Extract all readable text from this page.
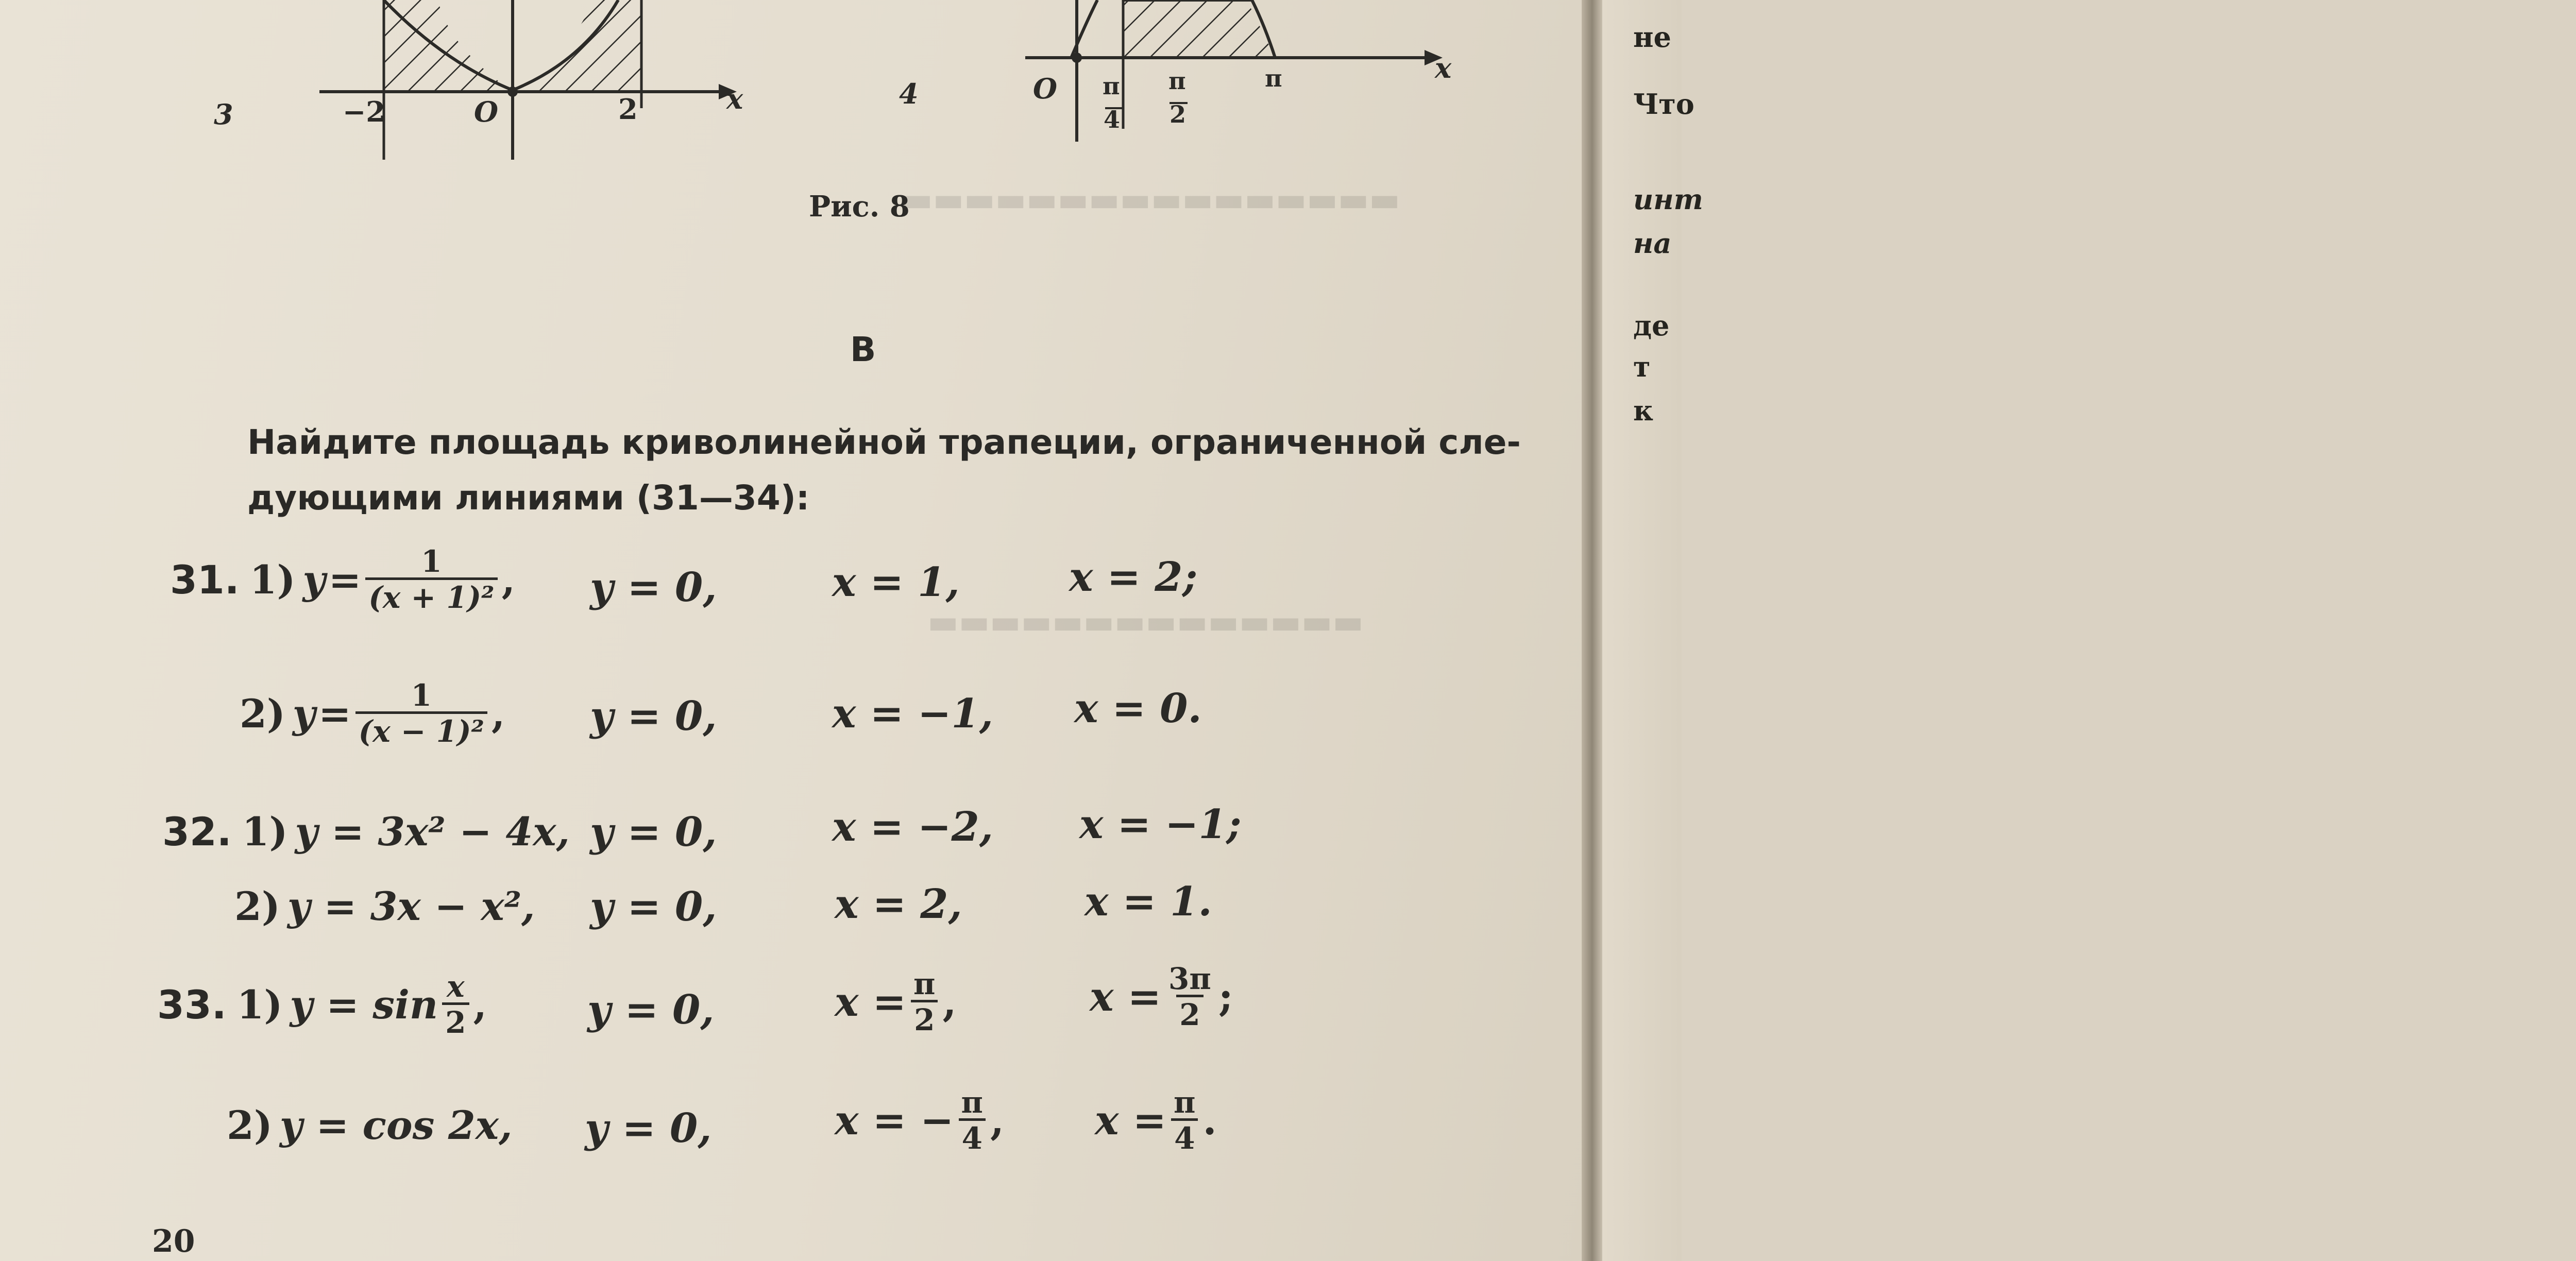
не
Что
инт
на
де
т
к
▬▬▬▬▬▬▬▬▬▬▬▬▬▬▬▬
▬▬▬▬▬▬▬▬▬▬▬▬▬▬
3	−2	O	2	x	4	O π
4
π
2
π	x
Рис. 8
B
Найдите площадь криволинейной трапеции, ограниченной сле- дующими линиями (31—34):
31. 1) $y = \frac{1}{\text{(x + 1)²}}$ , y = 0,	x = 1,	x = 2;
2) $y = \frac{1}{\text{(x − 1)²}}$ , y = 0,	x = −1, x = 0.
32. 1) y = 3x² − 4x, y = 0,	x = −2, x = −1;
2) y = 3x − x², y = 0,	x = 2,	x = 1.
33. 1) $y = \sin \frac{x}{2}$ ,	y = 0,	$x = \frac{\pi}{2}$ ,	$x = \frac{3\pi}{2}$ ;
2) y = cos 2x, y = 0,	x = − $\frac{\pi}{4}$ , $x = \frac{\pi}{4}$ .
20
